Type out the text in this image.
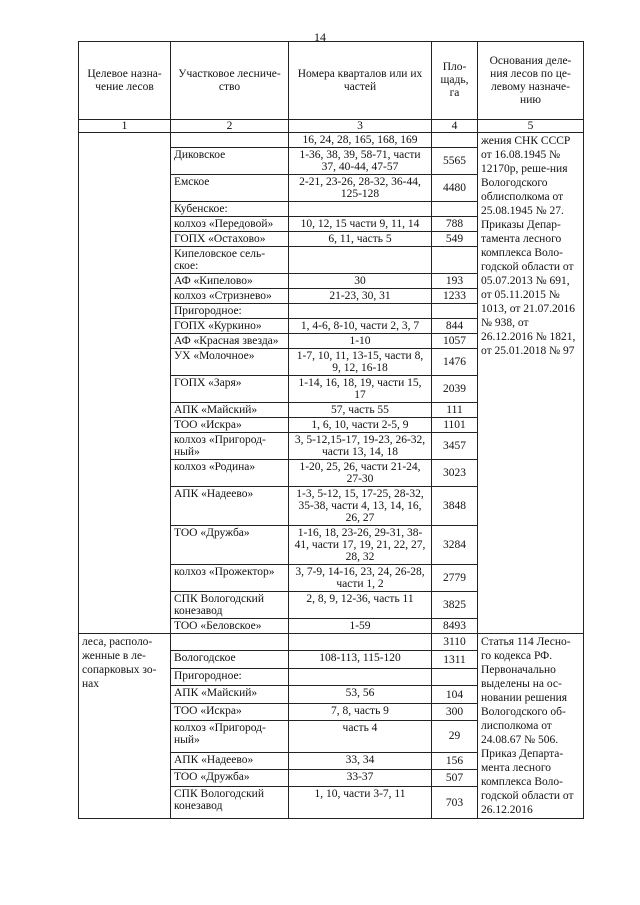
14
Целевое назна-чение лесов	Участковое лесниче-ство	Номера кварталов или их частей	Пло-щадь, га	Основания деле-ния лесов по це-левому назначе-нию
1	2	3	4	5
		16, 24, 28, 165, 168, 169		жения СНК СССР от 16.08.1945 № 12170р, реше-ния Вологодского облисполкома от 25.08.1945 № 27. Приказы Депар-тамента лесного комплекса Воло-годской области от 05.07.2013 № 691, от 05.11.2015 № 1013, от 21.07.2016 № 938, от 26.12.2016 № 1821, от 25.01.2018 № 97
	Диковское	1-36, 38, 39, 58-71, части 37, 40-44, 47-57	5565	
	Емское	2-21, 23-26, 28-32, 36-44, 125-128	4480	
	Кубенское:			
	колхоз «Передовой»	10, 12, 15 части 9, 11, 14	788	
	ГОПХ «Остахово»	6, 11, часть 5	549	
	Кипеловское сель-ское:			
	АФ «Кипелово»	30	193	
	колхоз «Стризнево»	21-23, 30, 31	1233	
	Пригородное:			
	ГОПХ «Куркино»	1, 4-6, 8-10, части 2, 3, 7	844	
	АФ «Красная звезда»	1-10	1057	
	УХ «Молочное»	1-7, 10, 11, 13-15, части 8, 9, 12, 16-18	1476	
	ГОПХ «Заря»	1-14, 16, 18, 19, части 15, 17	2039	
	АПК «Майский»	57, часть 55	111	
	ТОО «Искра»	1, 6, 10, части 2-5, 9	1101	
	колхоз «Пригород-ный»	3, 5-12,15-17, 19-23, 26-32, части 13, 14, 18	3457	
	колхоз «Родина»	1-20, 25, 26, части 21-24, 27-30	3023	
	АПК «Надеево»	1-3, 5-12, 15, 17-25, 28-32, 35-38, части 4, 13, 14, 16, 26, 27	3848	
	ТОО «Дружба»	1-16, 18, 23-26, 29-31, 38-41, части 17, 19, 21, 22, 27, 28, 32	3284	
	колхоз «Прожектор»	3, 7-9, 14-16, 23, 24, 26-28, части 1, 2	2779	
	СПК Вологодский конезавод	2, 8, 9, 12-36, часть 11	3825	
	ТОО «Беловское»	1-59	8493	
леса, располо-женные в ле-сопарковых зо-нах			3110	Статья 114 Лесно-го кодекса РФ. Первоначально выделены на ос-новании решения Вологодского об-лисполкома от 24.08.67 № 506. Приказ Департа-мента лесного комплекса Воло-годской области от 26.12.2016
	Вологодское	108-113, 115-120	1311	
	Пригородное:			
	АПК «Майский»	53, 56	104	
	ТОО «Искра»	7, 8, часть 9	300	
	колхоз «Пригород-ный»	часть 4	29	
	АПК «Надеево»	33, 34	156	
	ТОО «Дружба»	33-37	507	
	СПК Вологодский конезавод	1, 10, части 3-7, 11	703	
